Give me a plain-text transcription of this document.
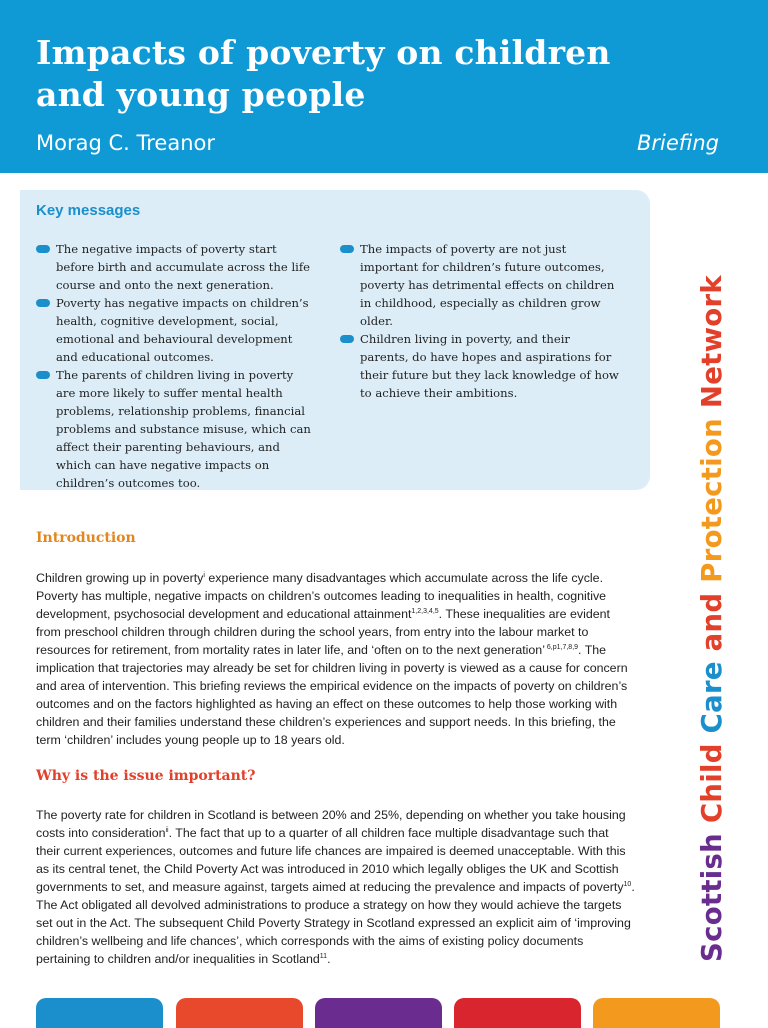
Impacts of poverty on children and young people
Morag C. Treanor	Briefing
Key messages
The negative impacts of poverty start before birth and accumulate across the life course and onto the next generation.
Poverty has negative impacts on children’s health, cognitive development, social, emotional and behavioural development and educational outcomes.
The parents of children living in poverty are more likely to suffer mental health problems, relationship problems, financial problems and substance misuse, which can affect their parenting behaviours, and which can have negative impacts on children’s outcomes too.
The impacts of poverty are not just important for children’s future outcomes, poverty has detrimental effects on children in childhood, especially as children grow older.
Children living in poverty, and their parents, do have hopes and aspirations for their future but they lack knowledge of how to achieve their ambitions.
Scottish Child Care and Protection Network
Introduction

Children growing up in poverty$^i$ experience many disadvantages which accumulate across the life cycle. Poverty has multiple, negative impacts on children’s outcomes leading to inequalities in health, cognitive development, psychosocial development and educational attainment$^{1,2,3,4,5}$. These inequalities are evident from preschool children through children during the school years, from entry into the labour market to resources for retirement, from mortality rates in later life, and ‘often on to the next generation’ $^{6,p1,7,8,9}$. The implication that trajectories may already be set for children living in poverty is viewed as a cause for concern and area of intervention. This briefing reviews the empirical evidence on the impacts of poverty on children’s outcomes and on the factors highlighted as having an effect on these outcomes to help those working with children and their families understand these children’s experiences and support needs. In this briefing, the term ‘children’ includes young people up to 18 years old.

Why is the issue important?

The poverty rate for children in Scotland is between 20% and 25%, depending on whether you take housing costs into consideration$^{ii}$. The fact that up to a quarter of all children face multiple disadvantage such that their current experiences, outcomes and future life chances are impaired is deemed unacceptable. With this as its central tenet, the Child Poverty Act was introduced in 2010 which legally obliges the UK and Scottish governments to set, and measure against, targets aimed at reducing the prevalence and impacts of poverty$^{10}$. The Act obligated all devolved administrations to produce a strategy on how they would achieve the targets set out in the Act. The subsequent Child Poverty Strategy in Scotland expressed an explicit aim of ‘improving children’s wellbeing and life chances’, which corresponds with the aims of existing policy documents pertaining to children and/or inequalities in Scotland$^{11}$.
